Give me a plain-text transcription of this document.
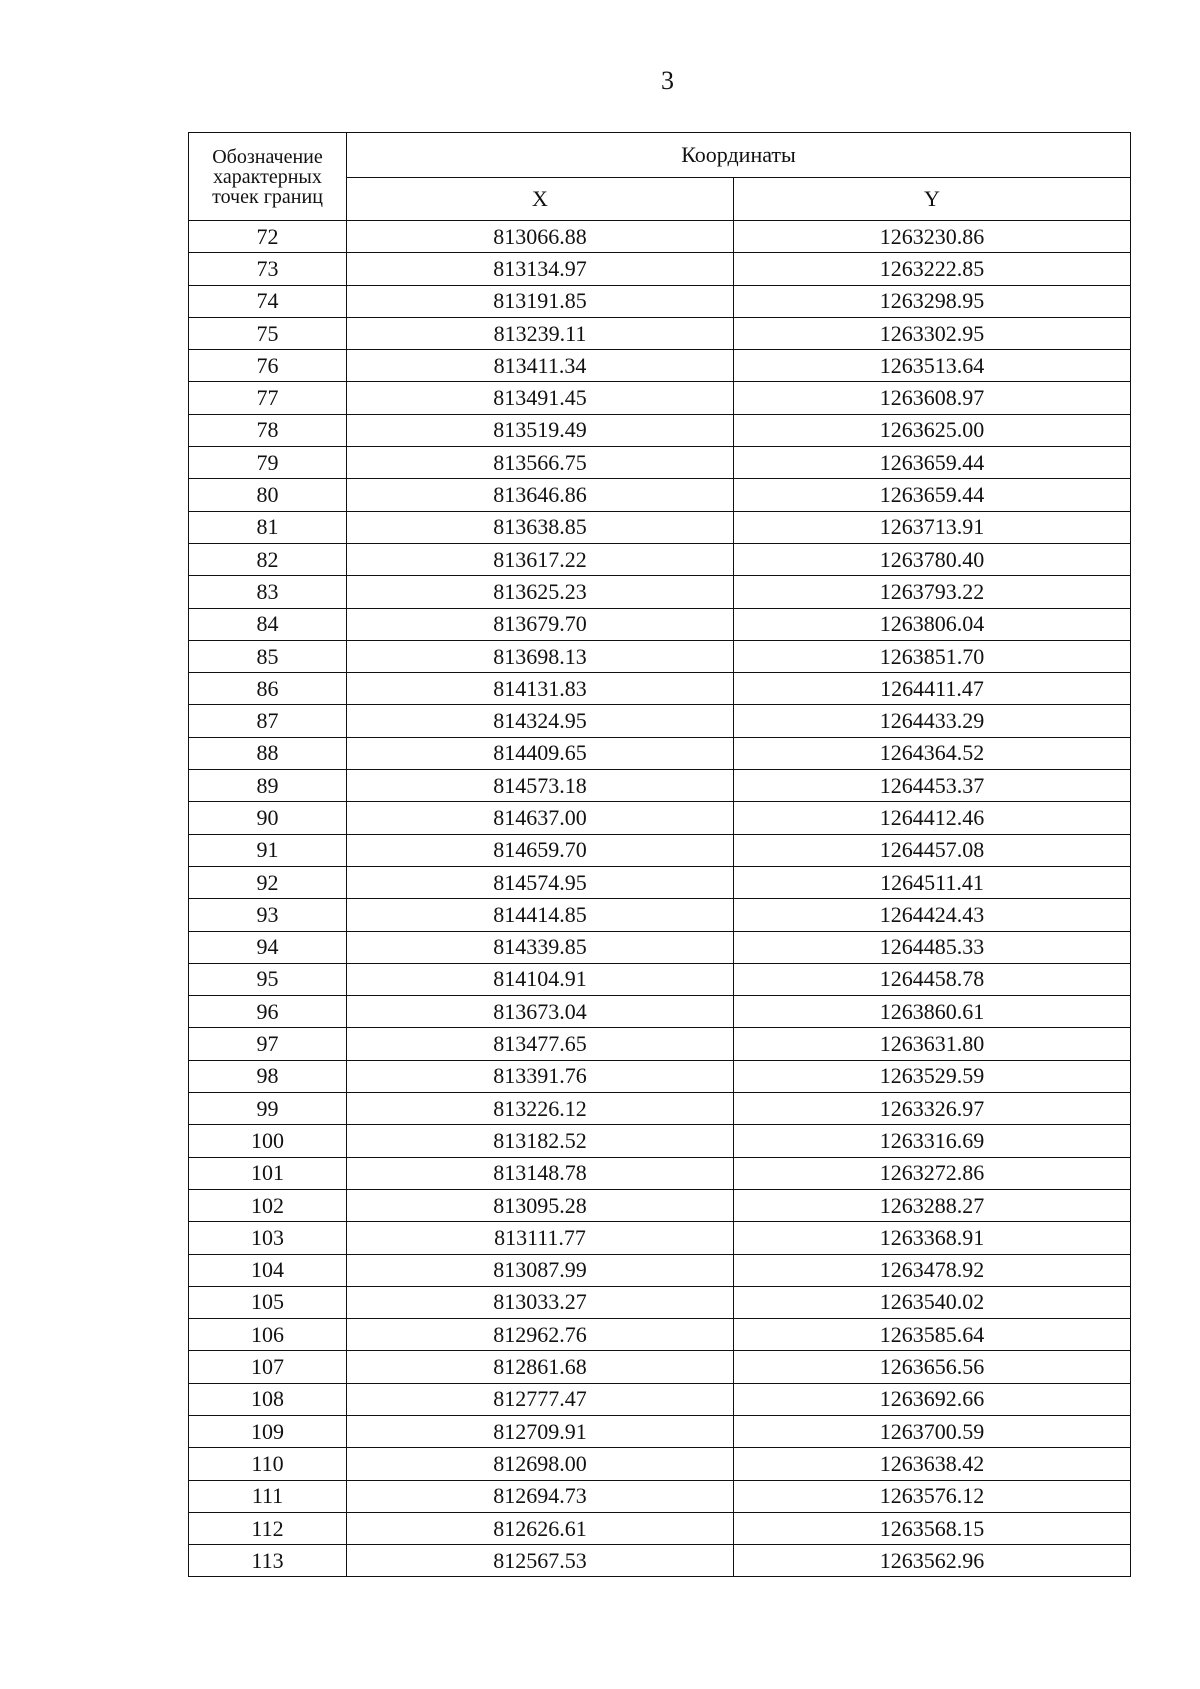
3
Обозначение характерных точек границ	Координаты	
	X	Y
72	813066.88	1263230.86
73	813134.97	1263222.85
74	813191.85	1263298.95
75	813239.11	1263302.95
76	813411.34	1263513.64
77	813491.45	1263608.97
78	813519.49	1263625.00
79	813566.75	1263659.44
80	813646.86	1263659.44
81	813638.85	1263713.91
82	813617.22	1263780.40
83	813625.23	1263793.22
84	813679.70	1263806.04
85	813698.13	1263851.70
86	814131.83	1264411.47
87	814324.95	1264433.29
88	814409.65	1264364.52
89	814573.18	1264453.37
90	814637.00	1264412.46
91	814659.70	1264457.08
92	814574.95	1264511.41
93	814414.85	1264424.43
94	814339.85	1264485.33
95	814104.91	1264458.78
96	813673.04	1263860.61
97	813477.65	1263631.80
98	813391.76	1263529.59
99	813226.12	1263326.97
100	813182.52	1263316.69
101	813148.78	1263272.86
102	813095.28	1263288.27
103	813111.77	1263368.91
104	813087.99	1263478.92
105	813033.27	1263540.02
106	812962.76	1263585.64
107	812861.68	1263656.56
108	812777.47	1263692.66
109	812709.91	1263700.59
110	812698.00	1263638.42
111	812694.73	1263576.12
112	812626.61	1263568.15
113	812567.53	1263562.96
